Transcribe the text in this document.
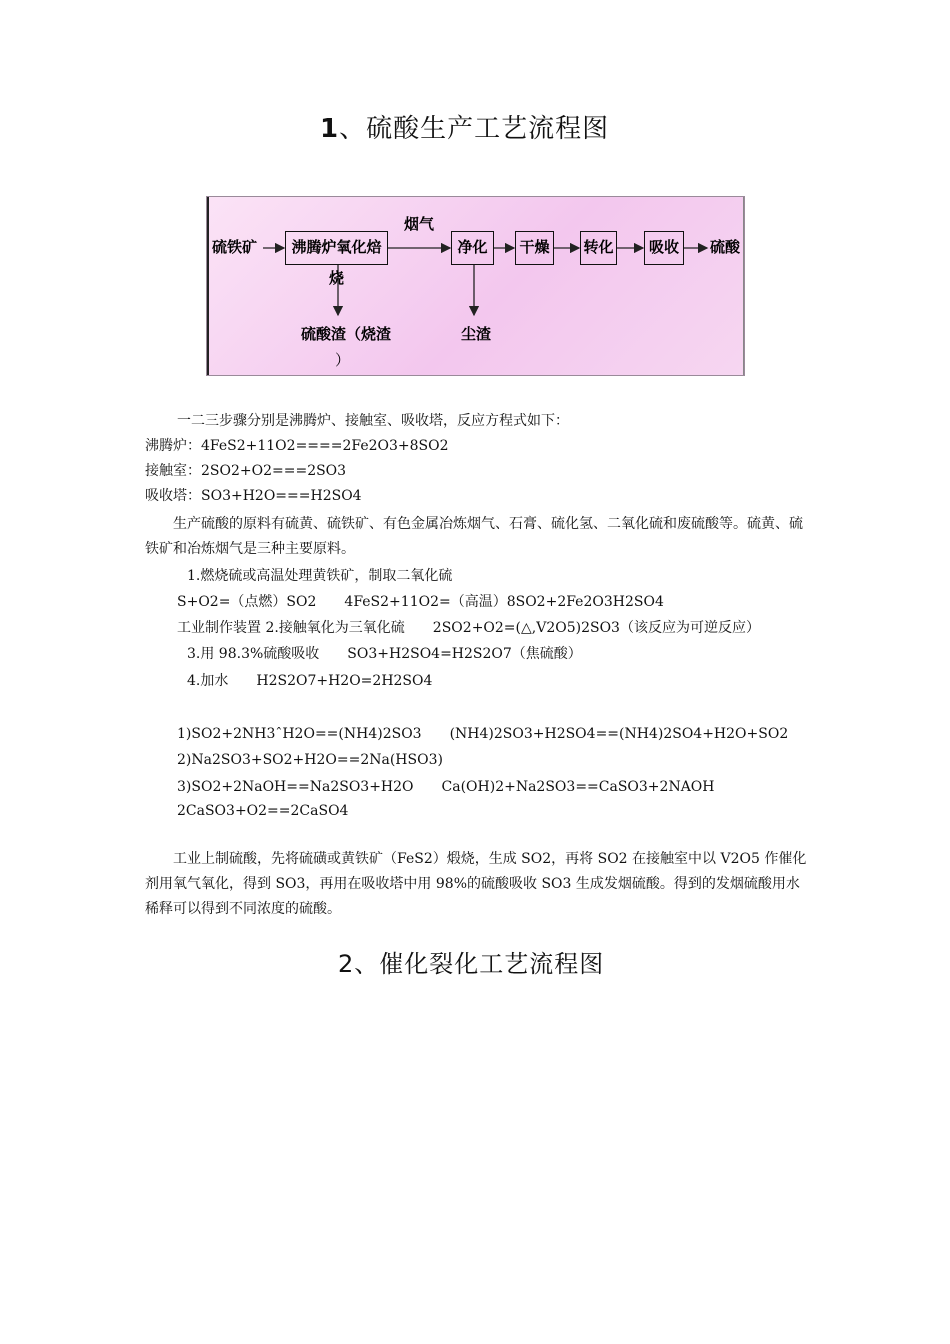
1、硫酸生产工艺流程图
硫铁矿	沸腾炉氧化焙烧
烟气
净化	干燥	转化	吸收	硫酸
硫酸渣（烧渣
）
尘渣
一二三步骤分别是沸腾炉、接触室、吸收塔，反应方程式如下：
沸腾炉：4FeS2+11O2====2Fe2O3+8SO2
接触室：2SO2+O2===2SO3
吸收塔：SO3+H2O===H2SO4
生产硫酸的原料有硫黄、硫铁矿、有色金属冶炼烟气、石膏、硫化氢、二氧化硫和废硫酸等。硫黄、硫铁矿和冶炼烟气是三种主要原料。
1.燃烧硫或高温处理黄铁矿，制取二氧化硫
S+O2=（点燃）SO2　　4FeS2+11O2=（高温）8SO2+2Fe2O3H2SO4
工业制作装置 2.接触氧化为三氧化硫　　2SO2+O2=(△,V2O5)2SO3（该反应为可逆反应）
3.用 98.3%硫酸吸收　　SO3+H2SO4=H2S2O7（焦硫酸）
4.加水　　H2S2O7+H2O=2H2SO4
1)SO2+2NH3ˆH2O==(NH4)2SO3　　(NH4)2SO3+H2SO4==(NH4)2SO4+H2O+SO2
2)Na2SO3+SO2+H2O==2Na(HSO3)
3)SO2+2NaOH==Na2SO3+H2O　　Ca(OH)2+Na2SO3==CaSO3+2NAOH
2CaSO3+O2==2CaSO4
工业上制硫酸，先将硫磺或黄铁矿（FeS2）煅烧，生成 SO2，再将 SO2 在接触室中以 V2O5 作催化剂用氧气氧化，得到 SO3，再用在吸收塔中用 98%的硫酸吸收 SO3 生成发烟硫酸。得到的发烟硫酸用水稀释可以得到不同浓度的硫酸。
2、催化裂化工艺流程图
